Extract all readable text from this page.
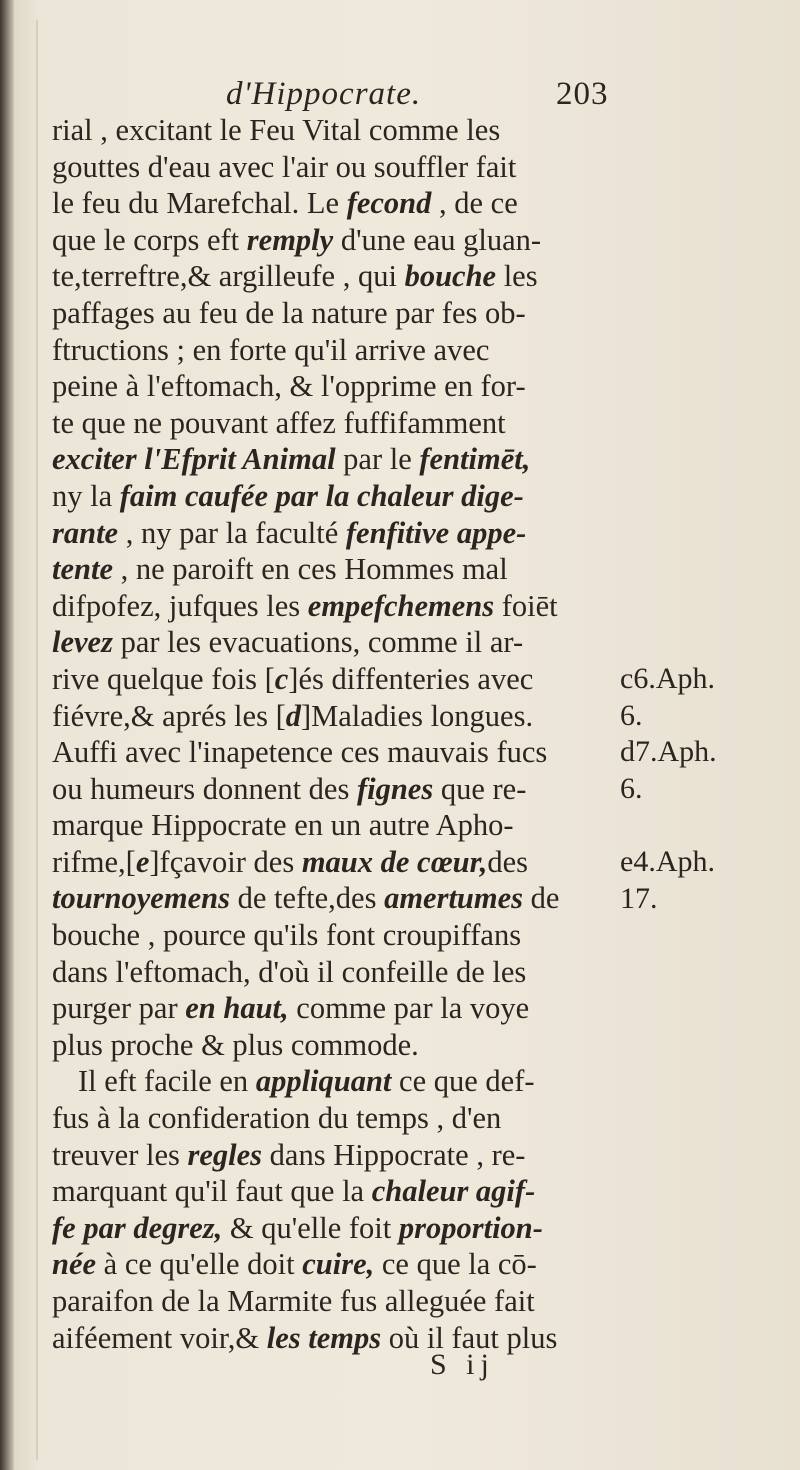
d'Hippocrate.	203
rial , excitant le Feu Vital comme les
gouttes d'eau avec l'air ou souffler fait
le feu du Marefchal. Le fecond , de ce
que le corps eft remply d'une eau gluan-
te,terreftre,& argilleufe , qui bouche les
paffages au feu de la nature par fes ob-
ftructions ; en forte qu'il arrive avec
peine à l'eftomach, & l'opprime en for-
te que ne pouvant affez fuffifamment
exciter l'Efprit Animal par le fentimēt,
ny la faim caufée par la chaleur dige-
rante , ny par la faculté fenfitive appe-
tente , ne paroift en ces Hommes mal
difpofez, jufques les empefchemens foiēt
levez par les evacuations, comme il ar-
rive quelque fois [c]és diffenteries avec
fiévre,& aprés les [d]Maladies longues.
Auffi avec l'inapetence ces mauvais fucs
ou humeurs donnent des fignes que re-
marque Hippocrate en un autre Apho-
rifme,[e]fçavoir des maux de cœur,des
tournoyemens de tefte,des amertumes de
bouche , pource qu'ils font croupiffans
dans l'eftomach, d'où il confeille de les
purger par en haut, comme par la voye
plus proche & plus commode.
Il eft facile en appliquant ce que def-
fus à la confideration du temps , d'en
treuver les regles dans Hippocrate , re-
marquant qu'il faut que la chaleur agif-
fe par degrez, & qu'elle foit proportion-
née à ce qu'elle doit cuire, ce que la cō-
paraifon de la Marmite fus alleguée fait
aiféement voir,& les temps où il faut plus
c6.Aph.
6.
d7.Aph.
6.
e4.Aph.
17.
S ij
